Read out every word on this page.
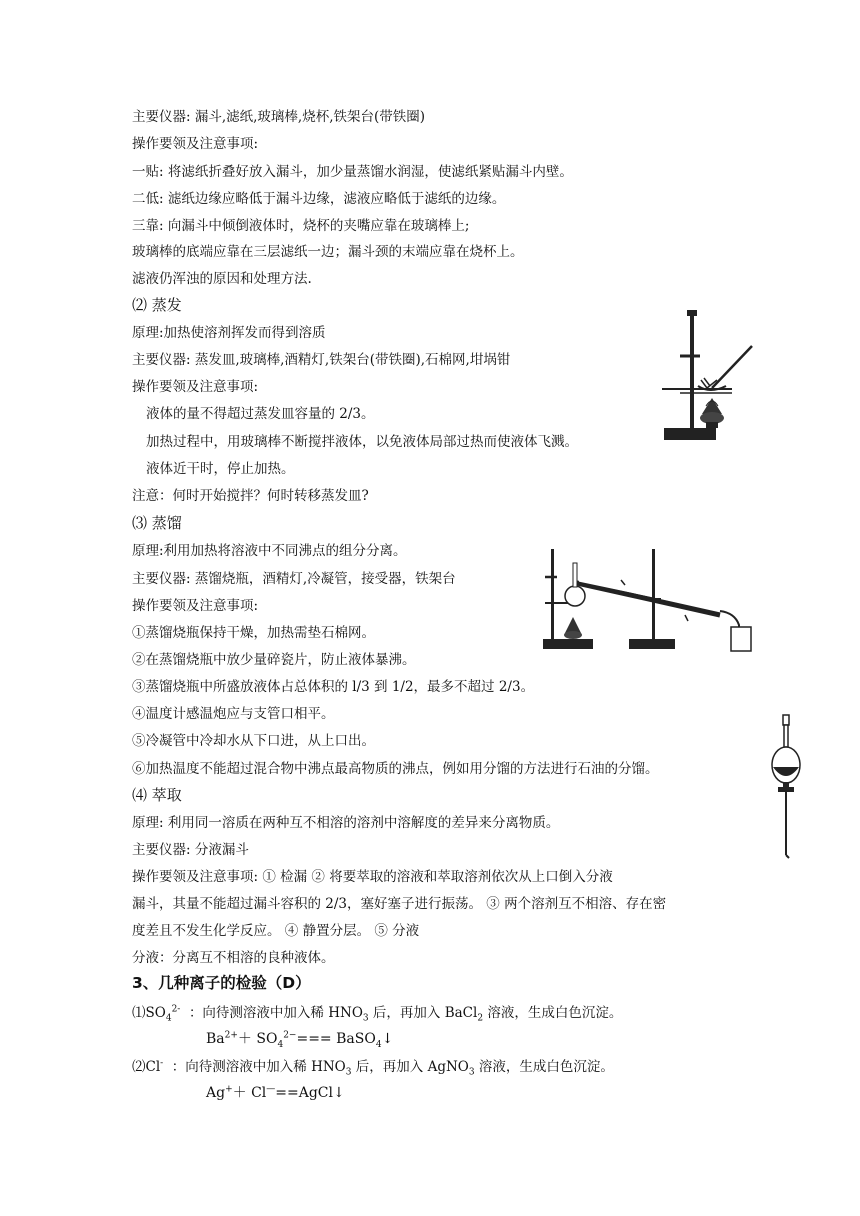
主要仪器: 漏斗,滤纸,玻璃棒,烧杯,铁架台(带铁圈)
操作要领及注意事项:
一贴: 将滤纸折叠好放入漏斗，加少量蒸馏水润湿，使滤纸紧贴漏斗内壁。
二低: 滤纸边缘应略低于漏斗边缘，滤液应略低于滤纸的边缘。
三靠: 向漏斗中倾倒液体时，烧杯的夹嘴应靠在玻璃棒上;
玻璃棒的底端应靠在三层滤纸一边；漏斗颈的末端应靠在烧杯上。
滤液仍浑浊的原因和处理方法.
⑵ 蒸发
原理:加热使溶剂挥发而得到溶质
主要仪器: 蒸发皿,玻璃棒,酒精灯,铁架台(带铁圈),石棉网,坩埚钳
操作要领及注意事项:
液体的量不得超过蒸发皿容量的 2/3。
加热过程中，用玻璃棒不断搅拌液体，以免液体局部过热而使液体飞溅。
液体近干时，停止加热。
注意：何时开始搅拌？何时转移蒸发皿?
⑶ 蒸馏
原理:利用加热将溶液中不同沸点的组分分离。
主要仪器: 蒸馏烧瓶，酒精灯,冷凝管，接受器，铁架台
操作要领及注意事项:
①蒸馏烧瓶保持干燥，加热需垫石棉网。
②在蒸馏烧瓶中放少量碎瓷片，防止液体暴沸。
③蒸馏烧瓶中所盛放液体占总体积的 l/3 到 1/2，最多不超过 2/3。
④温度计感温炮应与支管口相平。
⑤冷凝管中冷却水从下口进，从上口出。
⑥加热温度不能超过混合物中沸点最高物质的沸点，例如用分馏的方法进行石油的分馏。
⑷ 萃取
原理: 利用同一溶质在两种互不相溶的溶剂中溶解度的差异来分离物质。
主要仪器: 分液漏斗
操作要领及注意事项: ① 检漏 ② 将要萃取的溶液和萃取溶剂依次从上口倒入分液
漏斗，其量不能超过漏斗容积的 2/3，塞好塞子进行振荡。 ③ 两个溶剂互不相溶、存在密
度差且不发生化学反应。 ④ 静置分层。 ⑤ 分液
分液：分离互不相溶的良种液体。
3、几种离子的检验（D）
$⑴SO_4^{2-}$ ：向待测溶液中加入稀 $HNO_3$ 后，再加入 BaCl$_2$ 溶液，生成白色沉淀。
$Ba^{2+}+ SO_4^{2-}===$ BaSO$_4$↓
⑵Cl- ：向待测溶液中加入稀 $HNO_3$ 后，再加入 AgNO$_3$ 溶液，生成白色沉淀。
Ag+＋ Cl—==AgCl↓
